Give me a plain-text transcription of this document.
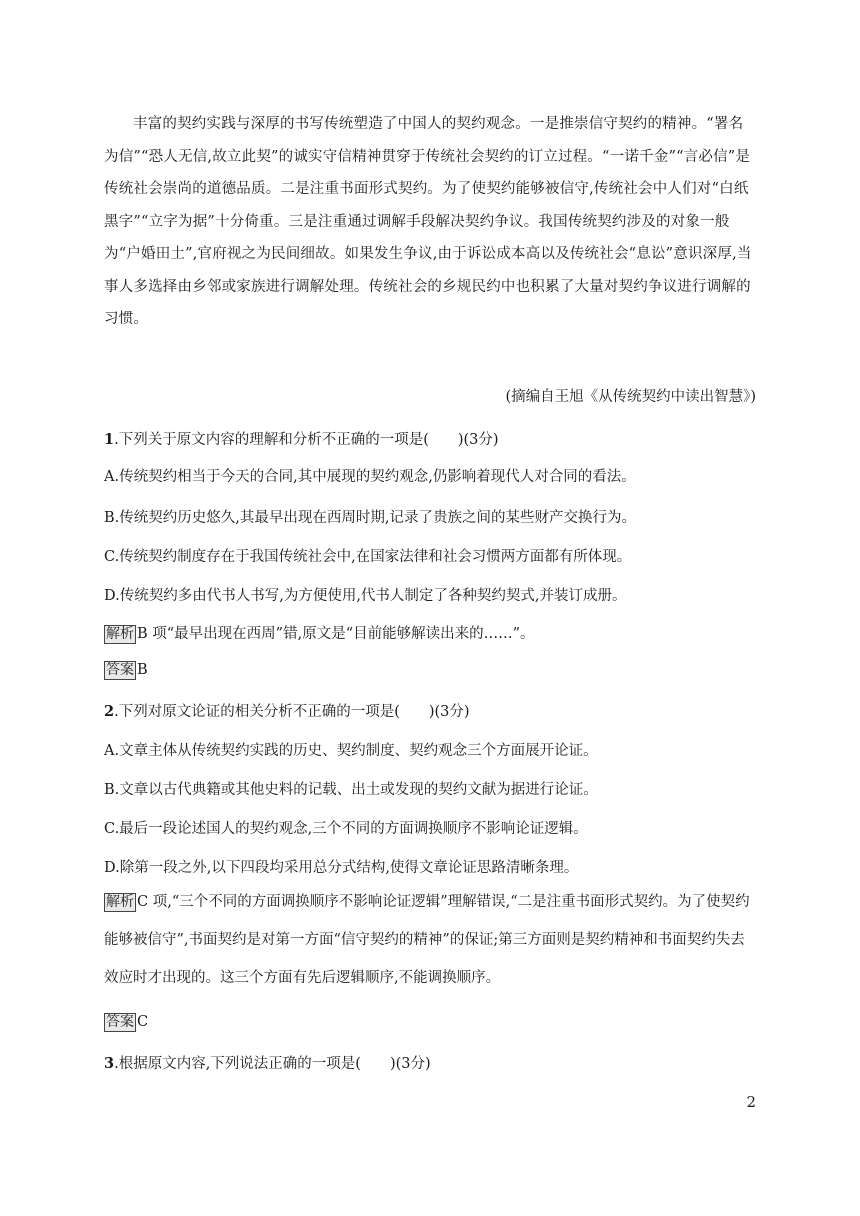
丰富的契约实践与深厚的书写传统塑造了中国人的契约观念。一是推崇信守契约的精神。“署名为信”“恐人无信,故立此契”的诚实守信精神贯穿于传统社会契约的订立过程。“一诺千金”“言必信”是传统社会崇尚的道德品质。二是注重书面形式契约。为了使契约能够被信守,传统社会中人们对“白纸黑字”“立字为据”十分倚重。三是注重通过调解手段解决契约争议。我国传统契约涉及的对象一般为“户婚田土”,官府视之为民间细故。如果发生争议,由于诉讼成本高以及传统社会“息讼”意识深厚,当事人多选择由乡邻或家族进行调解处理。传统社会的乡规民约中也积累了大量对契约争议进行调解的习惯。

(摘编自王旭《从传统契约中读出智慧》)
1.下列关于原文内容的理解和分析不正确的一项是(　　)(3分)
A.传统契约相当于今天的合同,其中展现的契约观念,仍影响着现代人对合同的看法。
B.传统契约历史悠久,其最早出现在西周时期,记录了贵族之间的某些财产交换行为。
C.传统契约制度存在于我国传统社会中,在国家法律和社会习惯两方面都有所体现。
D.传统契约多由代书人书写,为方便使用,代书人制定了各种契约契式,并装订成册。
解析 B 项“最早出现在西周”错,原文是“目前能够解读出来的……”。
答案 B
2.下列对原文论证的相关分析不正确的一项是(　　)(3分)
A.文章主体从传统契约实践的历史、契约制度、契约观念三个方面展开论证。
B.文章以古代典籍或其他史料的记载、出土或发现的契约文献为据进行论证。
C.最后一段论述国人的契约观念,三个不同的方面调换顺序不影响论证逻辑。
D.除第一段之外,以下四段均采用总分式结构,使得文章论证思路清晰条理。
解析 C 项,“三个不同的方面调换顺序不影响论证逻辑”理解错误,“二是注重书面形式契约。为了使契约能够被信守”,书面契约是对第一方面“信守契约的精神”的保证;第三方面则是契约精神和书面契约失去效应时才出现的。这三个方面有先后逻辑顺序,不能调换顺序。
答案 C
3.根据原文内容,下列说法正确的一项是(　　)(3分)
2
